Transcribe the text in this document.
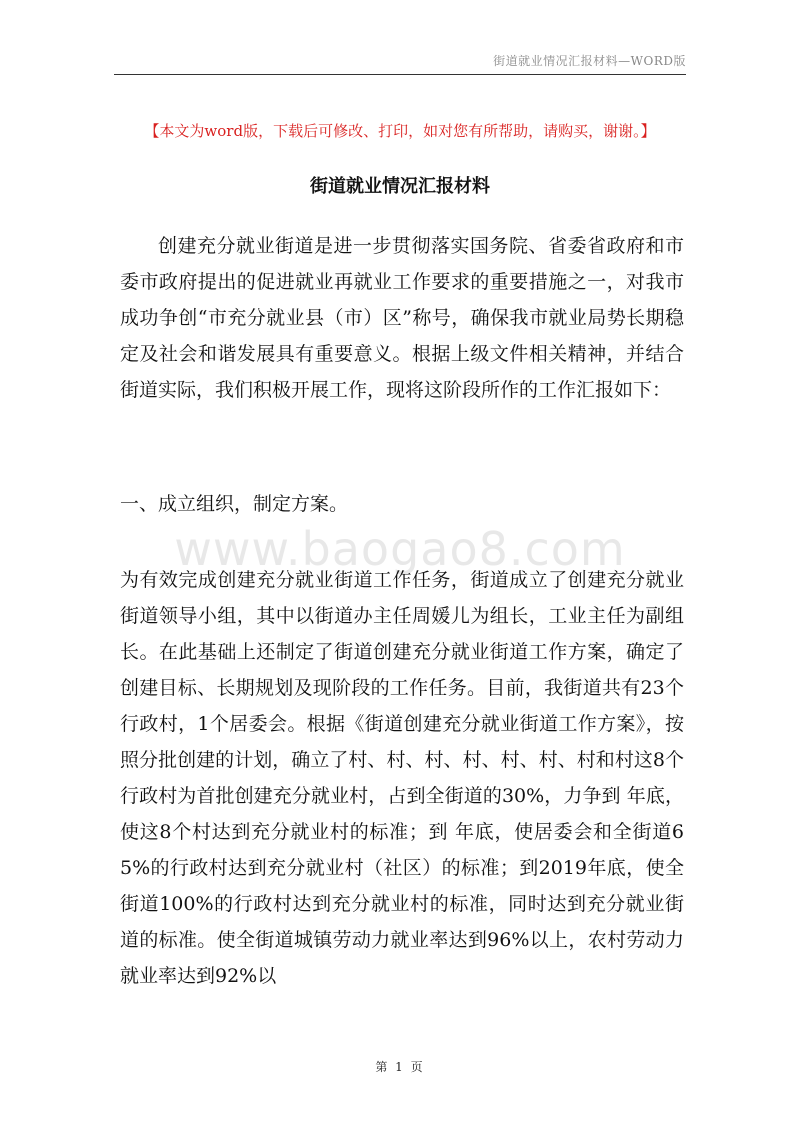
街道就业情况汇报材料—WORD版
【本文为word版，下载后可修改、打印，如对您有所帮助，请购买，谢谢。】
街道就业情况汇报材料
创建充分就业街道是进一步贯彻落实国务院、省委省政府和市委市政府提出的促进就业再就业工作要求的重要措施之一，对我市成功争创“市充分就业县（市）区”称号，确保我市就业局势长期稳定及社会和谐发展具有重要意义。根据上级文件相关精神，并结合街道实际，我们积极开展工作，现将这阶段所作的工作汇报如下：
一、成立组织，制定方案。
www.baogao8.com
为有效完成创建充分就业街道工作任务，街道成立了创建充分就业街道领导小组，其中以街道办主任周媛儿为组长，工业主任为副组长。在此基础上还制定了街道创建充分就业街道工作方案，确定了创建目标、长期规划及现阶段的工作任务。目前，我街道共有23个行政村，1个居委会。根据《街道创建充分就业街道工作方案》，按照分批创建的计划，确立了村、村、村、村、村、村、村和村这8个行政村为首批创建充分就业村，占到全街道的30%，力争到 年底，使这8个村达到充分就业村的标准；到 年底，使居委会和全街道65%的行政村达到充分就业村（社区）的标准；到2019年底，使全街道100%的行政村达到充分就业村的标准，同时达到充分就业街道的标准。使全街道城镇劳动力就业率达到96%以上，农村劳动力就业率达到92%以
第 1 页
